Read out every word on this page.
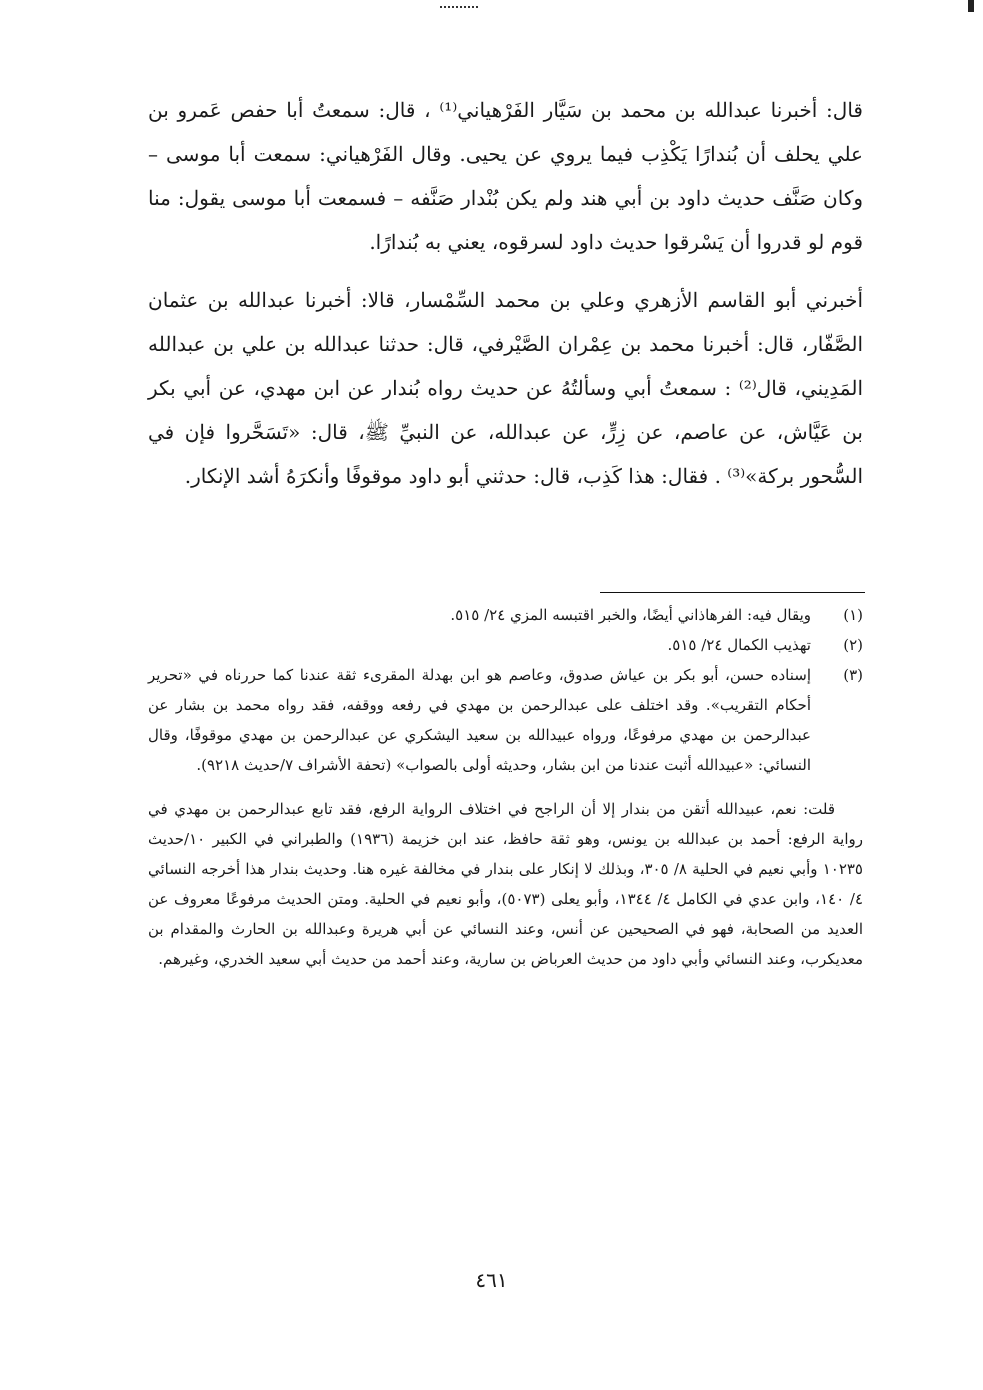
قال: أخبرنا عبدالله بن محمد بن سَيَّار الفَرْهياني⁽¹⁾ ، قال: سمعتُ أبا حفص عَمرو بن علي يحلف أن بُندارًا يَكْذِب فيما يروي عن يحيى. وقال الفَرْهياني: سمعت أبا موسى – وكان صَنَّف حديث داود بن أبي هند ولم يكن بُنْدار صَنَّفه – فسمعت أبا موسى يقول: منا قوم لو قدروا أن يَسْرقوا حديث داود لسرقوه، يعني به بُندارًا.

أخبرني أبو القاسم الأزهري وعلي بن محمد السِّمْسار، قالا: أخبرنا عبدالله بن عثمان الصَّفّار، قال: أخبرنا محمد بن عِمْران الصَّيْرفي، قال: حدثنا عبدالله بن علي بن عبدالله المَدِيني، قال⁽²⁾ : سمعتُ أبي وسألتُهُ عن حديث رواه بُندار عن ابن مهدي، عن أبي بكر بن عَيَّاش، عن عاصم، عن زِرٍّ، عن عبدالله، عن النبيِّ ﷺ، قال: «تَسَحَّروا فإن في السُّحور بركة»⁽³⁾ . فقال: هذا كَذِب، قال: حدثني أبو داود موقوفًا وأنكرَهُ أشد الإنكار.

(١)
ويقال فيه: الفرهاذاني أيضًا، والخبر اقتبسه المزي ٢٤/ ٥١٥.
(٢)
تهذيب الكمال ٢٤/ ٥١٥.
(٣)
إسناده حسن، أبو بكر بن عياش صدوق، وعاصم هو ابن بهدلة المقرىء ثقة عندنا كما حررناه في «تحرير أحكام التقريب». وقد اختلف على عبدالرحمن بن مهدي في رفعه ووقفه، فقد رواه محمد بن بشار عن عبدالرحمن بن مهدي مرفوعًا، ورواه عبيدالله بن سعيد اليشكري عن عبدالرحمن بن مهدي موقوفًا، وقال النسائي: «عبيدالله أثبت عندنا من ابن بشار، وحديثه أولى بالصواب» (تحفة الأشراف ٧/حديث ٩٢١٨).

قلت: نعم، عبيدالله أتقن من بندار إلا أن الراجح في اختلاف الرواية الرفع، فقد تابع عبدالرحمن بن مهدي في رواية الرفع: أحمد بن عبدالله بن يونس، وهو ثقة حافظ، عند ابن خزيمة (١٩٣٦) والطبراني في الكبير ١٠/حديث ١٠٢٣٥ وأبي نعيم في الحلية ٨/ ٣٠٥، وبذلك لا إنكار على بندار في مخالفة غيره هنا. وحديث بندار هذا أخرجه النسائي ٤/ ١٤٠، وابن عدي في الكامل ٤/ ١٣٤٤، وأبو يعلى (٥٠٧٣)، وأبو نعيم في الحلية. ومتن الحديث مرفوعًا معروف عن العديد من الصحابة، فهو في الصحيحين عن أنس، وعند النسائي عن أبي هريرة وعبدالله بن الحارث والمقدام بن معديكرب، وعند النسائي وأبي داود من حديث العرباض بن سارية، وعند أحمد من حديث أبي سعيد الخدري، وغيرهم.

٤٦١
